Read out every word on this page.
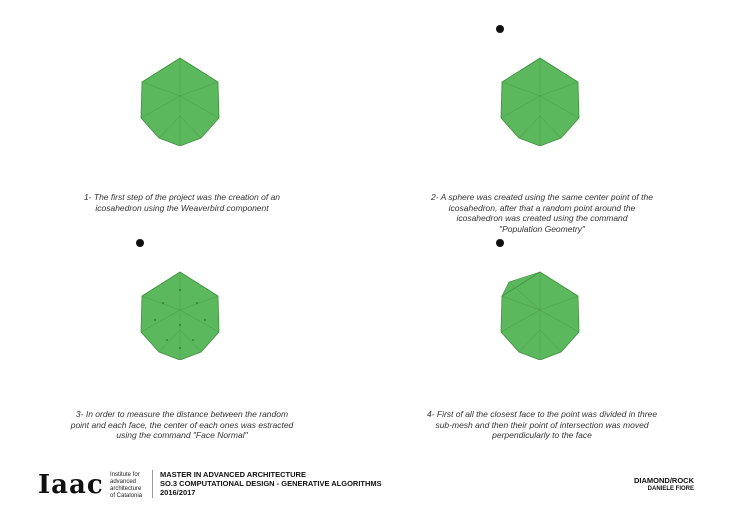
1- The first step of the project was the creation of an
icosahedron using the Weaverbird component
2- A sphere was created using the same center point of the
icosahedron, after that a random point around the
icosahedron was created using the command
"Population Geometry"
3- In order to measure the distance between the random
point and each face, the center of each ones was estracted
using the command "Face Normal"
4- First of all the closest face to the point was divided in three
sub-mesh and then their point of intersection was moved
perpendicularly to the face
Iaac Institute for
advanced
architecture
of Catalonia
MASTER IN ADVANCED ARCHITECTURE
SO.3 COMPUTATIONAL DESIGN - GENERATIVE ALGORITHMS
2016/2017
DIAMOND/ROCK
DANIELE FIORE
